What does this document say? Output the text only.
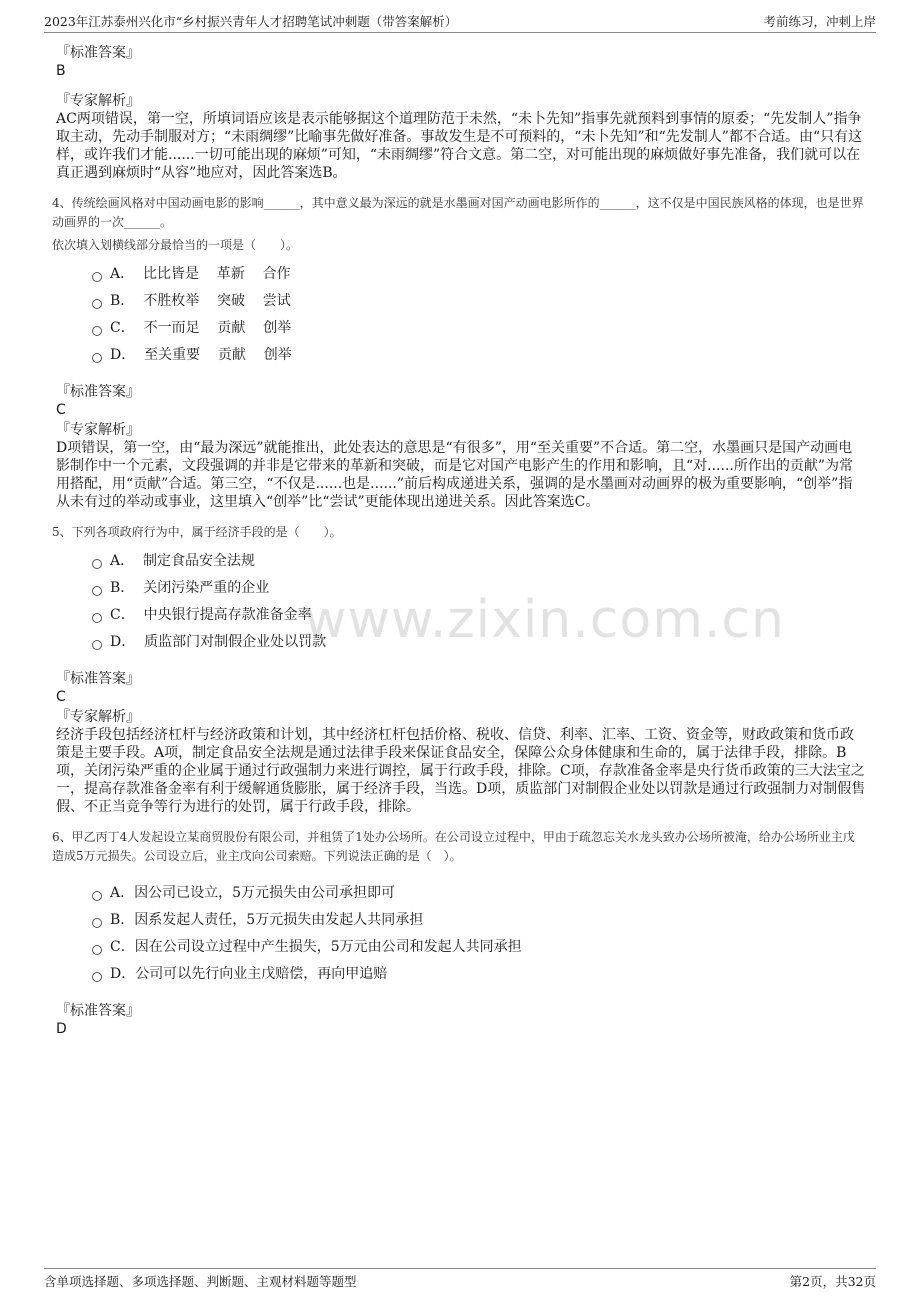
2023年江苏泰州兴化市“乡村振兴青年人才招聘笔试冲刺题（带答案解析）	考前练习，冲刺上岸
www.zixin.com.cn
『标准答案』
B
『专家解析』
AC两项错误，第一空，所填词语应该是表示能够据这个道理防范于未然，“未卜先知”指事先就预料到事情的原委；“先发制人”指争取主动，先动手制服对方；“未雨绸缪”比喻事先做好准备。事故发生是不可预料的，“未卜先知”和“先发制人”都不合适。由“只有这样，或许我们才能......一切可能出现的麻烦”可知，“未雨绸缪”符合文意。第二空，对可能出现的麻烦做好事先准备，我们就可以在真正遇到麻烦时“从容”地应对，因此答案选B。
4、传统绘画风格对中国动画电影的影响______，其中意义最为深远的就是水墨画对国产动画电影所作的______，这不仅是中国民族风格的体现，也是世界动画界的一次______。
依次填入划横线部分最恰当的一项是（　　）。
A．  比比皆是    革新    合作
B．  不胜枚举    突破    尝试
C．  不一而足    贡献    创举
D．  至关重要    贡献    创举
『标准答案』
C
『专家解析』
D项错误，第一空，由“最为深远”就能推出，此处表达的意思是“有很多”，用“至关重要”不合适。第二空，水墨画只是国产动画电影制作中一个元素，文段强调的并非是它带来的革新和突破，而是它对国产电影产生的作用和影响，且“对......所作出的贡献”为常用搭配，用“贡献”合适。第三空，“不仅是......也是......”前后构成递进关系，强调的是水墨画对动画界的极为重要影响，“创举”指从未有过的举动或事业，这里填入“创举”比“尝试”更能体现出递进关系。因此答案选C。
5、下列各项政府行为中，属于经济手段的是（　　）。
A．  制定食品安全法规
B．  关闭污染严重的企业
C．  中央银行提高存款准备金率
D．  质监部门对制假企业处以罚款
『标准答案』
C
『专家解析』
经济手段包括经济杠杆与经济政策和计划，其中经济杠杆包括价格、税收、信贷、利率、汇率、工资、资金等，财政政策和货币政策是主要手段。A项，制定食品安全法规是通过法律手段来保证食品安全，保障公众身体健康和生命的，属于法律手段，排除。B项，关闭污染严重的企业属于通过行政强制力来进行调控，属于行政手段，排除。C项，存款准备金率是央行货币政策的三大法宝之一，提高存款准备金率有利于缓解通货膨胀，属于经济手段，当选。D项，质监部门对制假企业处以罚款是通过行政强制力对制假售假、不正当竞争等行为进行的处罚，属于行政手段，排除。
6、甲乙丙丁4人发起设立某商贸股份有限公司，并租赁了1处办公场所。在公司设立过程中，甲由于疏忽忘关水龙头致办公场所被淹，给办公场所业主戊造成5万元损失。公司设立后，业主戊向公司索赔。下列说法正确的是（　）。
A．因公司已设立，5万元损失由公司承担即可
B．因系发起人责任，5万元损失由发起人共同承担
C．因在公司设立过程中产生损失，5万元由公司和发起人共同承担
D．公司可以先行向业主戊赔偿，再向甲追赔
『标准答案』
D
含单项选择题、多项选择题、判断题、主观材料题等题型	第2页，共32页
